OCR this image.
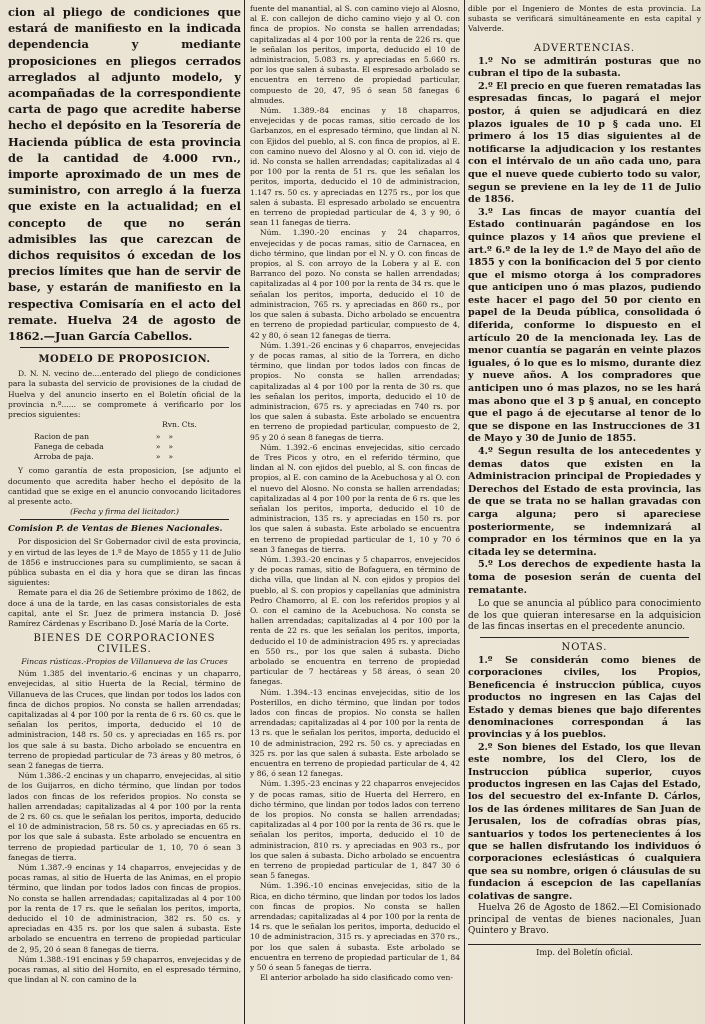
cion al pliego de condiciones que estará de manifiesto en la indicada dependencia y mediante proposiciones en pliegos cerrados arreglados al adjunto modelo, y acompañadas de la correspondiente carta de pago que acredite haberse hecho el depósito en la Tesorería de Hacienda pública de esta provincia de la cantidad de 4.000 rvn., importe aproximado de un mes de suministro, con arreglo á la fuerza que existe en la actualidad; en el concepto de que no serán admisibles las que carezcan de dichos requisitos ó excedan de los precios límites que han de servir de base, y estarán de manifiesto en la respectiva Comisaría en el acto del remate. Huelva 24 de agosto de 1862.—Juan García Cabellos.

MODELO DE PROPOSICION.

D. N. N. vecino de....enterado del pliego de condiciones para la subasta del servicio de provisiones de la ciudad de Huelva y del anuncio inserto en el Boletín oficial de la provincia n.º...... se compromete á verificarlo por los precios siguientes:

Rvn. Cts.
Racion de pan	»	»
Fanega de cebada	»	»
Arroba de paja.	»	»

Y como garantía de esta proposicion, [se adjunto el documento que acredita haber hecho el depósito de la cantidad que se exige en el anuncio convocando licitadores al presente acto.

(Fecha y firma del licitador.)
Comision P. de Ventas de Bienes Nacionales.

Por disposicion del Sr Gobernador civil de esta provincia, y en virtud de las leyes de 1.º de Mayo de 1855 y 11 de Julio de 1856 e instrucciones para su cumplimiento, se sacan á pública subasta en el dia y hora que se diran las fincas siguientes:

Remate para el dia 26 de Setiembre próximo de 1862, de doce á una de la tarde, en las casas consistoriales de esta capital, ante el Sr. Juez de primera instancia D. José Ramírez Cárdenas y Escribano D. José María de la Corte.

BIENES DE CORPORACIONES CIVILES.
Fincas rústicas.-Propios de Villanueva de las Cruces

Núm 1.385 del inventario.-6 encinas y un chaparro, envejecidas, al sitio Huerta de la Recial, término de Villanueva de las Cruces, que lindan por todos los lados con finca de dichos propios. No consta se hallen arrendadas; capitalizadas al 4 por 100 por la renta de 6 rs. 60 cs. que le señalan los peritos, importa, deducido el 10 de administracion, 148 rs. 50 cs. y apreciadas en 165 rs. por los que sale á su basta. Dicho arbolado se encuentra en terreno de propiedad particular de 73 áreas y 80 metros, ó sean 2 fanegas de tierra.

Núm 1.386.-2 encinas y un chaparro, envejecidas, al sitio de los Guijarros, en dicho término, que lindan por todos lados con fincas de los referidos propios. No consta se hallen arrendadas; capitalizadas al 4 por 100 por la renta de 2 rs. 60 cs. que le señalan los peritos, importa, deducido el 10 de administracion, 58 rs. 50 cs. y apreciadas en 65 rs. por los que sale á subasta. Este arbolado se encuentra en terreno de propiedad particular de 1, 10, 70 ó sean 3 fanegas de tierra.

Núm 1.387.-9 encinas y 14 chaparros, envejecidas y de pocas ramas, al sitio de Huerta de las Animas, en el propio término, que lindan por todos lados con fincas de propios. No consta se hallen arrendadas; capitalizadas al 4 por 100 por la renta de 17 rs. que le señalan los peritos, importa, deducido el 10 de administracion, 382 rs. 50 cs. y apreciadas en 435 rs. por los que salen á subasta. Este arbolado se encuentra en terreno de propiedad particular de 2, 95, 20 ó sean 8 fanegas de tierra.

Núm 1.388.-191 encinas y 59 chaparros, envejecidas y de pocas ramas, al sitio del Hornito, en el espresado término, que lindan al N. con camino de la

fuente del manantial, al S. con camino viejo al Alosno, al E. con callejon de dicho camino viejo y al O. con finca de propios. No consta se hallen arrendadas; capitalizadas al 4 por 100 por la renta de 226 rs. que le señalan los peritos, importa, deducido el 10 de administracion, 5.083 rs. y apreciadas en 5.660 rs. por los que salen á subasta. El espresado arbolado se encuentra en terreno de propiedad particular, compuesto de 20, 47, 95 ó sean 58 fanegas 6 almudes.

Núm. 1.389.-84 encinas y 18 chaparros, envejecidas y de pocas ramas, sitio cercado de los Garbanzos, en el espresado término, que lindan al N. con Ejidos del pueblo, al S. con finca de propios, al E. con camino nuevo del Alosno y al O. con id. viejo de id. No consta se hallen arrendadas; capitalizadas al 4 por 100 por la renta de 51 rs. que les señalan los peritos, importa, deducido el 10 de administracion, 1.147 rs. 50 cs. y apreciadas en 1275 rs., por los que salen á subasta. El espresado arbolado se encuentra en terreno de propiedad particular de 4, 3 y 90, ó sean 11 fanegas de tierra.

Núm. 1.390.-20 encinas y 24 chaparros, envejecidas y de pocas ramas, sitio de Carnacea, en dicho término, que lindan por el N. y O. con fincas de propios, al S. con arroyo de la Lobera y al E. con Barranco del pozo. No consta se hallen arrendadas; capitalizadas al 4 por 100 por la renta de 34 rs. que le señalan los peritos, importa, deducido el 10 de administracion, 765 rs. y apreciadas en 860 rs., por los que salen á subasta. Dicho arbolado se encuentra en terreno de propiedad particular, compuesto de 4, 42 y 80, ó sean 12 fanegas de tierra.

Núm. 1.391.-26 encinas y 6 chaparros, envejecidas y de pocas ramas, al sitio de la Torrera, en dicho término, que lindan por todos lados con fincas de propios. No consta se hallen arrendadas; capitalizadas al 4 por 100 por la renta de 30 rs. que les señalan los peritos, importa, deducido el 10 de administracion, 675 rs. y apreciadas en 740 rs. por los que salen á subasta. Este arbolado se encuentra en terreno de propiedad particular, compuesto de 2, 95 y 20 ó sean 8 fanegas de tierra.

Núm. 1.392.-6 encinas envejecidas, sitio cercado de Tres Picos y otro, en el referido término, que lindan al N. con ejidos del pueblo, al S. con fincas de propios, al E. con camino de la Acebuchosa y al O. con el nuevo del Alosno. No consta se hallen arrendadas; capitalizadas al 4 por 100 por la renta de 6 rs. que les señalan los peritos, importa, deducido el 10 de administracion, 135 rs. y apreciadas en 150 rs. por los que salen á subasta. Este arbolado se encuentra en terreno de propiedad particular de 1, 10 y 70 ó sean 3 fanegas de tierra.

Núm. 1.393.-20 encinas y 5 chaparros, envejecidos y de pocas ramas, sitio de Bofaguera, en término de dicha villa, que lindan al N. con ejidos y propios del pueblo, al S. con propios y capellanías que administra Pedro Chamorro, al E. con los referidos propios y al O. con el camino de la Acebuchosa. No consta se hallen arrendadas; capitalizadas al 4 por 100 por la renta de 22 rs. que les señalan los peritos, importa, deducido el 10 de administracion 495 rs. y apreciadas en 550 rs., por los que salen á subasta. Dicho arbolado se encuentra en terreno de propiedad particular de 7 hectáreas y 58 áreas, ó sean 20 fanegas.

Núm. 1.394.-13 encinas envejecidas, sitio de los Posterillos, en dicho término, que lindan por todos lados con fincas de propios. No consta se hallen arrendadas; capitalizadas al 4 por 100 por la renta de 13 rs. que le señalan los peritos, importa, deducido el 10 de administracion, 292 rs. 50 cs. y apreciadas en 325 rs. por las que salen á subasta. Este arbolado se encuentra en terreno de propiedad particular de 4, 42 y 86, ó sean 12 fanegas.

Núm. 1.395.-23 encinas y 22 chaparros envejecidos y de pocas ramas, sitio de Huerta del Herrero, en dicho término, que lindan por todos lados con terreno de los propios. No consta se hallen arrendadas; capitalizadas al 4 por 100 por la renta de 36 rs. que le señalan los peritos, importa, deducido el 10 de administracion, 810 rs. y apreciadas en 903 rs., por los que salen á subasta. Dicho arbolado se encuentra en terreno de propiedad particular de 1, 847 30 ó sean 5 fanegas.

Núm. 1.396.-10 encinas envejecidas, sitio de la Rica, en dicho término, que lindan por todos los lados con fincas de propios. No consta se hallen arrendadas; capitalizadas al 4 por 100 por la renta de 14 rs. que le señalan los peritos, importa, deducido el 10 de administracion, 315 rs. y apreciadas en 370 rs., por los que salen á subasta. Este arbolado se encuentra en terreno de propiedad particular de 1, 84 y 50 ó sean 5 fanegas de tierra.

El anterior arbolado ha sido clasificado como ven-

dible por el Ingeniero de Montes de esta provincia. La subasta se verificará simultáneamente en esta capital y Valverde.

ADVERTENCIAS.

1.º No se admitirán posturas que no cubran el tipo de la subasta.

2.º El precio en que fueren rematadas las espresadas fincas, lo pagará el mejor postor, á quien se adjudicará en diez plazos iguales de 10 p § cada uno. El primero á los 15 dias siguientes al de notificarse la adjudicacion y los restantes con el intérvalo de un año cada uno, para que el nueve quede cubierto todo su valor, segun se previene en la ley de 11 de Julio de 1856.

3.º Las fincas de mayor cuantía del Estado continuarán pagándose en los quince plazos y 14 años que previene el art.º 6.º de la ley de 1.º de Mayo del año de 1855 y con la bonificacion del 5 por ciento que el mismo otorga á los compradores que anticipen uno ó mas plazos, pudiendo este hacer el pago del 50 por ciento en papel de la Deuda pública, consolidada ó diferida, conforme lo dispuesto en el artículo 20 de la mencionada ley. Las de menor cuantía se pagarán en veinte plazos iguales, ó lo que es lo mismo, durante diez y nueve años. A los compradores que anticipen uno ó mas plazos, no se les hará mas abono que el 3 p § anual, en concepto que el pago á de ejecutarse al tenor de lo que se dispone en las Instrucciones de 31 de Mayo y 30 de Junio de 1855.

4.º Segun resulta de los antecedentes y demas datos que existen en la Administracion principal de Propiedades y Derechos del Estado de esta provincia, las de que se trata no se hallan gravadas con carga alguna; pero si apareciese posteriormente, se indemnizará al comprador en los términos que en la ya citada ley se determina.

5.º Los derechos de expediente hasta la toma de posesion serán de cuenta del rematante.

Lo que se anuncia al público para conocimiento de los que quieran interesarse en la adquisicion de las fincas insertas en el precedente anuncio.

NOTAS.

1.º Se considerán como bienes de corporaciones civiles, los Propios, Beneficencia é instruccion pública, cuyos productos no ingresen en las Cajas del Estado y demas bienes que bajo diferentes denominaciones correspondan á las provincias y á los pueblos.

2.º Son bienes del Estado, los que llevan este nombre, los del Clero, los de Instruccion pública superior, cuyos productos ingresen en las Cajas del Estado, los del secuestro del ex-Infante D. Cárlos, los de las órdenes militares de San Juan de Jerusalen, los de cofradías obras pías, santuarios y todos los pertenecientes á los que se hallen disfrutando los individuos ó corporaciones eclesiásticas ó cualquiera que sea su nombre, origen ó cláusulas de su fundacion á escepcion de las capellanías colativas de sangre.

Huelva 26 de Agosto de 1862.—El Comisionado principal de ventas de bienes nacionales, Juan Quintero y Bravo.

Imp. del Boletín oficial.
